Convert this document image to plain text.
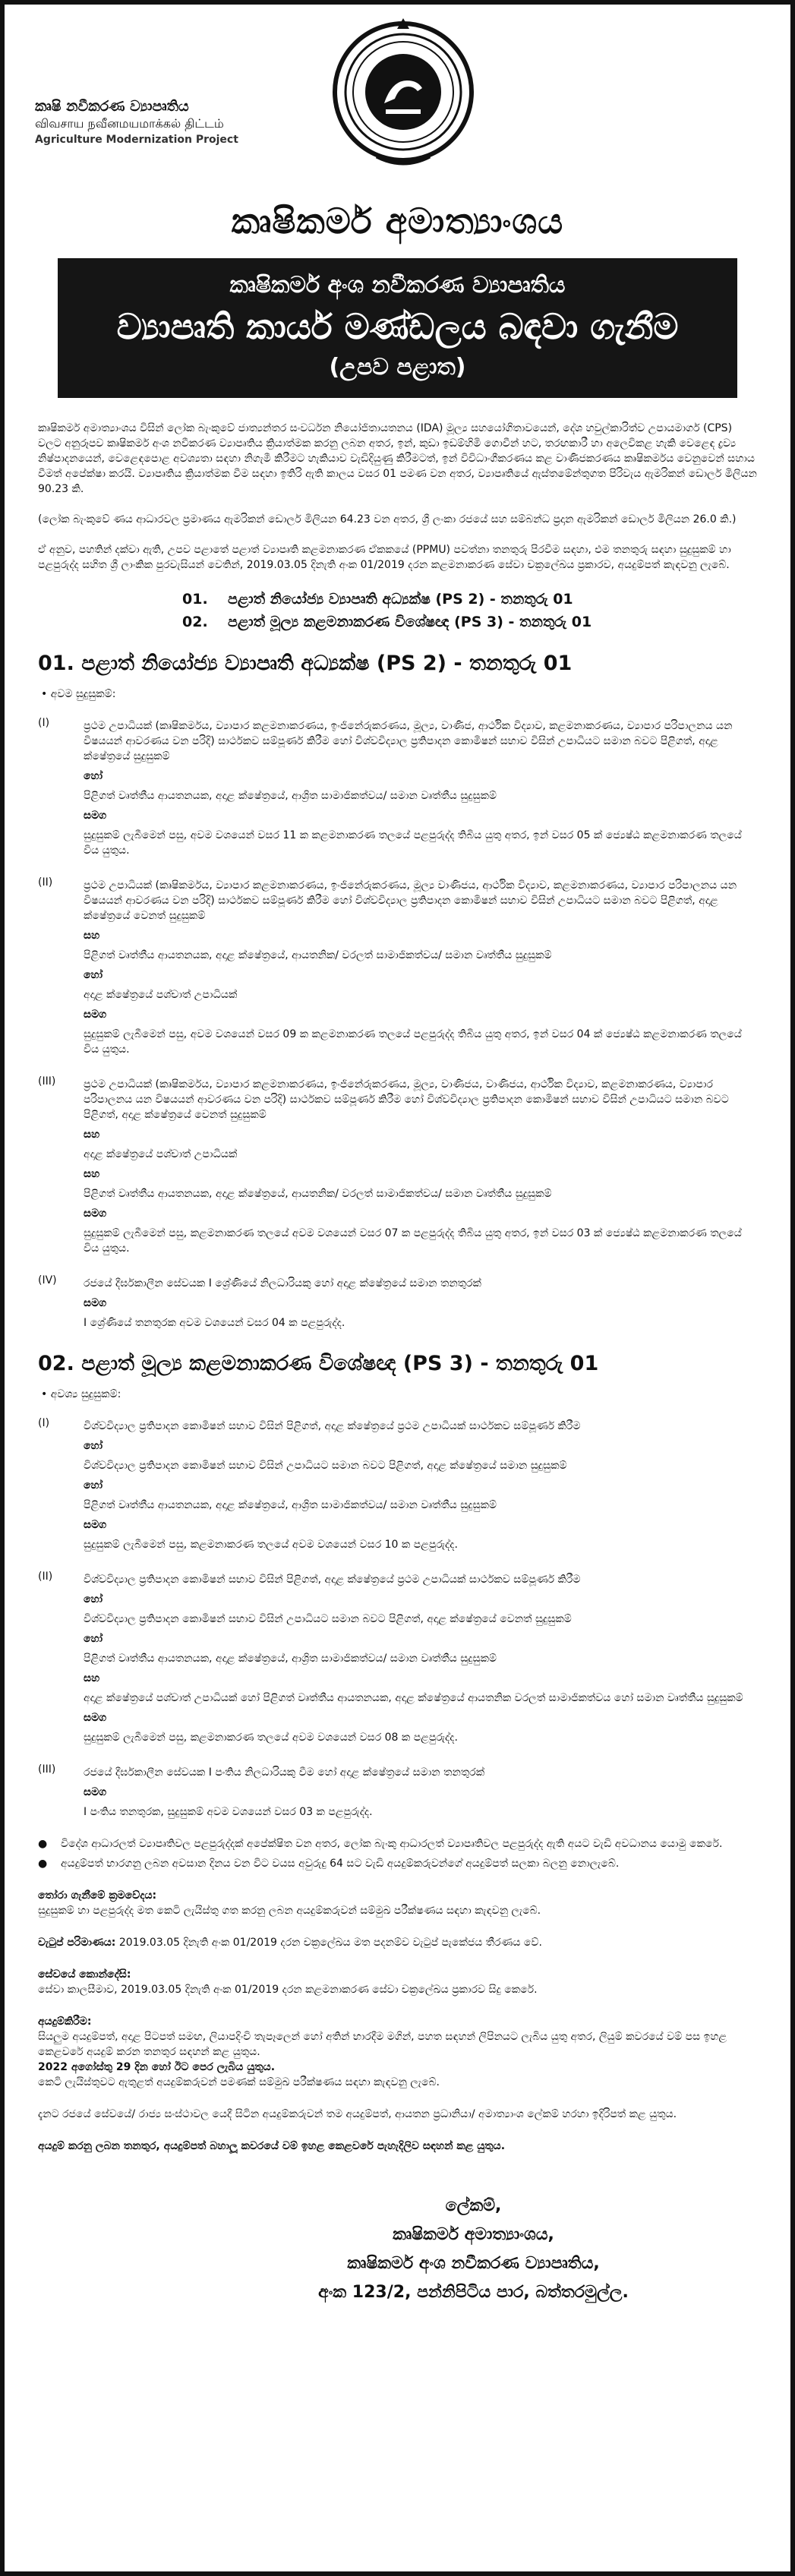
කෘෂි නවීකරණ ව්‍යාපෘතිය
விவசாய நவீனமயமாக்கல் திட்டம்
Agriculture Modernization Project
කෘෂිකර්ම අමාත්‍යාංශය
කෘෂිකර්ම අංශ නවීකරණ ව්‍යාපෘතිය
ව්‍යාපෘති කාර්ය මණ්ඩලය බඳවා ගැනීම
(උපව පළාත)

කෘෂිකර්ම අමාත්‍යාංශය විසින් ලෝක බැංකුවේ ජාත්‍යන්තර සංවර්ධන නියෝජිතායතනය (IDA) මූල්‍ය සහයෝගිතාවයෙන්, දේශ හවුල්කාරිත්ව උපායමාර්ග (CPS) වලට අනුරූපව කෘෂිකර්ම අංශ නවීකරණ ව්‍යාපෘතිය ක්‍රියාත්මක කරනු ලබන අතර, ඉන්, කුඩා ඉඩම්හිමි ගොවීන් හට, තරඟකාරී හා අලෙවිකළ හැකි වෙළෙඳ ද්‍රව්‍ය නිෂ්පාදනයෙන්, වෙළෙඳපොළ අවශ්‍යතා සඳහා නිගැමී කිරීමට හැකියාව වැඩිදියුණු කිරීමටත්, ඉන් විවිධාංගීකරණය කළ වාණිජකරණය කෘෂිකර්මය වෙනුවෙන් සහාය වීමත් අපේක්ෂා කරයි. ව්‍යාපෘතිය ක්‍රියාත්මක වීම සඳහා ඉතිරි ඇති කාලය වසර 01 පමණ වන අතර, ව්‍යාපෘතියේ ඇස්තමේන්තුගත පිරිවැය ඇමරිකන් ඩොලර් මිලියන 90.23 කි.

(ලෝක බැංකුවේ ණය ආධාරවල ප්‍රමාණය ඇමරිකන් ඩොලර් මිලියන 64.23 වන අතර, ශ්‍රී ලංකා රජයේ සහ සම්බන්ධ ප්‍රදාන ඇමරිකන් ඩොලර් මිලියන 26.0 කි.)

ඒ අනුව, පහතින් දක්වා ඇති, උපව පළාතේ පළාත් ව්‍යාපෘති කළමනාකරණ ඒකකයේ (PPMU) පවත්නා තනතුරු පිරවීම සඳහා, එම තනතුරු සඳහා සුදුසුකම් හා පළපුරුද්ද සහිත ශ්‍රී ලාංකික පුරවැසියන් වෙතින්, 2019.03.05 දිනැති අංක 01/2019 දරන කළමනාකරණ සේවා චක්‍රලේඛය ප්‍රකාරව, අයදුම්පත් කැඳවනු ලැබේ.

01. පළාත් නියෝජ්‍ය ව්‍යාපෘති අධ්‍යක්ෂ (PS 2) - තනතුරු 01
02. පළාත් මූල්‍ය කළමනාකරණ විශේෂඥ (PS 3) - තනතුරු 01
01. පළාත් නියෝජ්‍ය ව්‍යාපෘති අධ්‍යක්ෂ (PS 2) - තනතුරු 01
• අවම සුදුසුකම්:
(I)	ප්‍රථම උපාධියක් (කෘෂිකර්මය, ව්‍යාපාර කළමනාකරණය, ඉංජිනේරුකරණය, මූල්‍ය, වාණිජ, ආර්ථික විද්‍යාව, කළමනාකරණය, ව්‍යාපාර පරිපාලනය යන විෂයයන් ආවරණය වන පරිදි) සාර්ථකව සම්පූර්ණ කිරීම හෝ විශ්වවිද්‍යාල ප්‍රතිපාදන කොමිෂන් සභාව විසින් උපාධියට සමාන බවට පිළිගත්, අදාළ ක්ෂේත්‍රයේ සුදුසුකම්
හෝ
පිළිගත් වෘත්තීය ආයතනයක, අදාළ ක්ෂේත්‍රයේ, ආශ්‍රිත සාමාජිකත්වය/ සමාන වෘත්තීය සුදුසුකම්
සමග
සුදුසුකම් ලැබීමෙන් පසු, අවම වශයෙන් වසර 11 ක කළමනාකරණ තලයේ පළපුරුද්ද තිබිය යුතු අතර, ඉන් වසර 05 ක් ජ්‍යෙෂ්ඨ කළමනාකරණ තලයේ විය යුතුය.
(II)	ප්‍රථම උපාධියක් (කෘෂිකර්මය, ව්‍යාපාර කළමනාකරණය, ඉංජිනේරුකරණය, මූල්‍ය වාණිජය, ආර්ථික විද්‍යාව, කළමනාකරණය, ව්‍යාපාර පරිපාලනය යන විෂයයන් ආවරණය වන පරිදි) සාර්ථකව සම්පූර්ණ කිරීම හෝ විශ්වවිද්‍යාල ප්‍රතිපාදන කොමිෂන් සභාව විසින් උපාධියට සමාන බවට පිළිගත්, අදාළ ක්ෂේත්‍රයේ වෙනත් සුදුසුකම්
සහ
පිළිගත් වෘත්තීය ආයතනයක, අදාළ ක්ෂේත්‍රයේ, ආයතනික/ වරලත් සාමාජිකත්වය/ සමාන වෘත්තීය සුදුසුකම්
හෝ
අදාළ ක්ෂේත්‍රයේ පශ්චාත් උපාධියක්
සමග
සුදුසුකම් ලැබීමෙන් පසු, අවම වශයෙන් වසර 09 ක කළමනාකරණ තලයේ පළපුරුද්ද තිබිය යුතු අතර, ඉන් වසර 04 ක් ජ්‍යෙෂ්ඨ කළමනාකරණ තලයේ විය යුතුය.
(III)	ප්‍රථම උපාධියක් (කෘෂිකර්මය, ව්‍යාපාර කළමනාකරණය, ඉංජිනේරුකරණය, මූල්‍ය, වාණිජය, වාණිජය, ආර්ථික විද්‍යාව, කළමනාකරණය, ව්‍යාපාර පරිපාලනය යන විෂයයන් ආවරණය වන පරිදි) සාර්ථකව සම්පූර්ණ කිරීම හෝ විශ්වවිද්‍යාල ප්‍රතිපාදන කොමිෂන් සභාව විසින් උපාධියට සමාන බවට පිළිගත්, අදාළ ක්ෂේත්‍රයේ වෙනත් සුදුසුකම්
සහ
අදාළ ක්ෂේත්‍රයේ පශ්චාත් උපාධියක්
සහ
පිළිගත් වෘත්තීය ආයතනයක, අදාළ ක්ෂේත්‍රයේ, ආයතනික/ වරලත් සාමාජිකත්වය/ සමාන වෘත්තීය සුදුසුකම්
සමග
සුදුසුකම් ලැබීමෙන් පසු, කළමනාකරණ තලයේ අවම වශයෙන් වසර 07 ක පළපුරුද්ද තිබිය යුතු අතර, ඉන් වසර 03 ක් ජ්‍යෙෂ්ඨ කළමනාකරණ තලයේ විය යුතුය.
(IV)	රජයේ දීර්ඝකාලීන සේවයක I ශ්‍රේණියේ නිලධාරියකු හෝ අදාළ ක්ෂේත්‍රයේ සමාන තනතුරක්
සමග
I ශ්‍රේණියේ තනතුරක අවම වශයෙන් වසර 04 ක පළපුරුද්ද.
02. පළාත් මූල්‍ය කළමනාකරණ විශේෂඥ (PS 3) - තනතුරු 01
• අවශ්‍ය සුදුසුකම්:
(I)	විශ්වවිද්‍යාල ප්‍රතිපාදන කොමිෂන් සභාව විසින් පිළිගත්, අදාළ ක්ෂේත්‍රයේ ප්‍රථම උපාධියක් සාර්ථකව සම්පූර්ණ කිරීම
හෝ
විශ්වවිද්‍යාල ප්‍රතිපාදන කොමිෂන් සභාව විසින් උපාධියට සමාන බවට පිළිගත්, අදාළ ක්ෂේත්‍රයේ සමාන සුදුසුකම්
හෝ
පිළිගත් වෘත්තීය ආයතනයක, අදාළ ක්ෂේත්‍රයේ, ආශ්‍රිත සාමාජිකත්වය/ සමාන වෘත්තීය සුදුසුකම්
සමග
සුදුසුකම් ලැබීමෙන් පසු, කළමනාකරණ තලයේ අවම වශයෙන් වසර 10 ක පළපුරුද්ද.
(II)	විශ්වවිද්‍යාල ප්‍රතිපාදන කොමිෂන් සභාව විසින් පිළිගත්, අදාළ ක්ෂේත්‍රයේ ප්‍රථම උපාධියක් සාර්ථකව සම්පූර්ණ කිරීම
හෝ
විශ්වවිද්‍යාල ප්‍රතිපාදන කොමිෂන් සභාව විසින් උපාධියට සමාන බවට පිළිගත්, අදාළ ක්ෂේත්‍රයේ වෙනත් සුදුසුකම්
හෝ
පිළිගත් වෘත්තීය ආයතනයක, අදාළ ක්ෂේත්‍රයේ, ආශ්‍රිත සාමාජිකත්වය/ සමාන වෘත්තීය සුදුසුකම්
සහ
අදාළ ක්ෂේත්‍රයේ පශ්චාත් උපාධියක් හෝ පිළිගත් වෘත්තීය ආයතනයක, අදාළ ක්ෂේත්‍රයේ ආයතනික වරලත් සාමාජිකත්වය හෝ සමාන වෘත්තීය සුදුසුකම්
සමග
සුදුසුකම් ලැබීමෙන් පසු, කළමනාකරණ තලයේ අවම වශයෙන් වසර 08 ක පළපුරුද්ද.
(III)	රජයේ දීර්ඝකාලීන සේවයක I පංතිය නිලධාරියකු වීම හෝ අදාළ ක්ෂේත්‍රයේ සමාන තනතුරක්
සමග
I පංතිය තනතුරක, සුදුසුකම් අවම වශයෙන් වසර 03 ක පළපුරුද්ද.
●	විදේශ ආධාරලත් ව්‍යාපෘතිවල පළපුරුද්දක් අපේක්ෂිත වන අතර, ලෝක බැංකු ආධාරලත් ව්‍යාපෘතිවල පළපුරුද්ද ඇති අයට වැඩි අවධානය යොමු කෙරේ.
●	අයදුම්පත් භාරගනු ලබන අවසාන දිනය වන විට වයස අවුරුදු 64 සට වැඩි අයදුම්කරුවන්ගේ අයදුම්පත් සලකා බලනු නොලැබේ.
තෝරා ගැනීමේ ක්‍රමවේදය:
සුදුසුකම් හා පළපුරුද්ද මත කෙටි ලැයිස්තු ගත කරනු ලබන අයදුම්කරුවන් සම්මුඛ පරීක්ෂණය සඳහා කැඳවනු ලැබේ.
වැටුප් පරිමාණය: 2019.03.05 දිනැති අංක 01/2019 දරන චක්‍රලේඛය මත පදනම්ව වැටුප් පැකේජය තීරණය වේ.
සේවයේ කොන්දේසි:
සේවා කාලසීමාව, 2019.03.05 දිනැති අංක 01/2019 දරන කළමනාකරණ සේවා චක්‍රලේඛය ප්‍රකාරව සිදු කෙරේ.
අයදුම්කිරීම:
සියලුම අයදුම්පත්, අදාළ පිටපත් සමඟ, ලියාපදිංචි තැපෑලෙන් හෝ අතින් භාරදීම මගින්, පහත සඳහන් ලිපිනයට ලැබිය යුතු අතර, ලියුම් කවරයේ වම් පස ඉහළ කෙළවරේ අයදුම් කරන තනතුර සඳහන් කළ යුතුය.
2022 අගෝස්තු 29 දින හෝ ඊට පෙර ලැබිය යුතුය.
කෙටි ලැයිස්තුවට ඇතුළත් අයදුම්කරුවන් පමණක් සම්මුඛ පරීක්ෂණය සඳහා කැඳවනු ලැබේ.
දැනට රජයේ සේවයේ/ රාජ්‍ය සංස්ථාවල යෙදී සිටින අයදුම්කරුවන් තම අයදුම්පත්, ආයතන ප්‍රධානියා/ අමාත්‍යාංශ ලේකම් හරහා ඉදිරිපත් කළ යුතුය.
අයදුම් කරනු ලබන තනතුර, අයදුම්පත් බහාලූ කවරයේ වම් ඉහළ කෙළවරේ පැහැදිලිව සඳහන් කළ යුතුය.
ලේකම්,
කෘෂිකර්ම අමාත්‍යාංශය,
කෘෂිකර්ම අංශ නවීකරණ ව්‍යාපෘතිය,
අංක 123/2, පන්නිපිටිය පාර, බත්තරමුල්ල.
